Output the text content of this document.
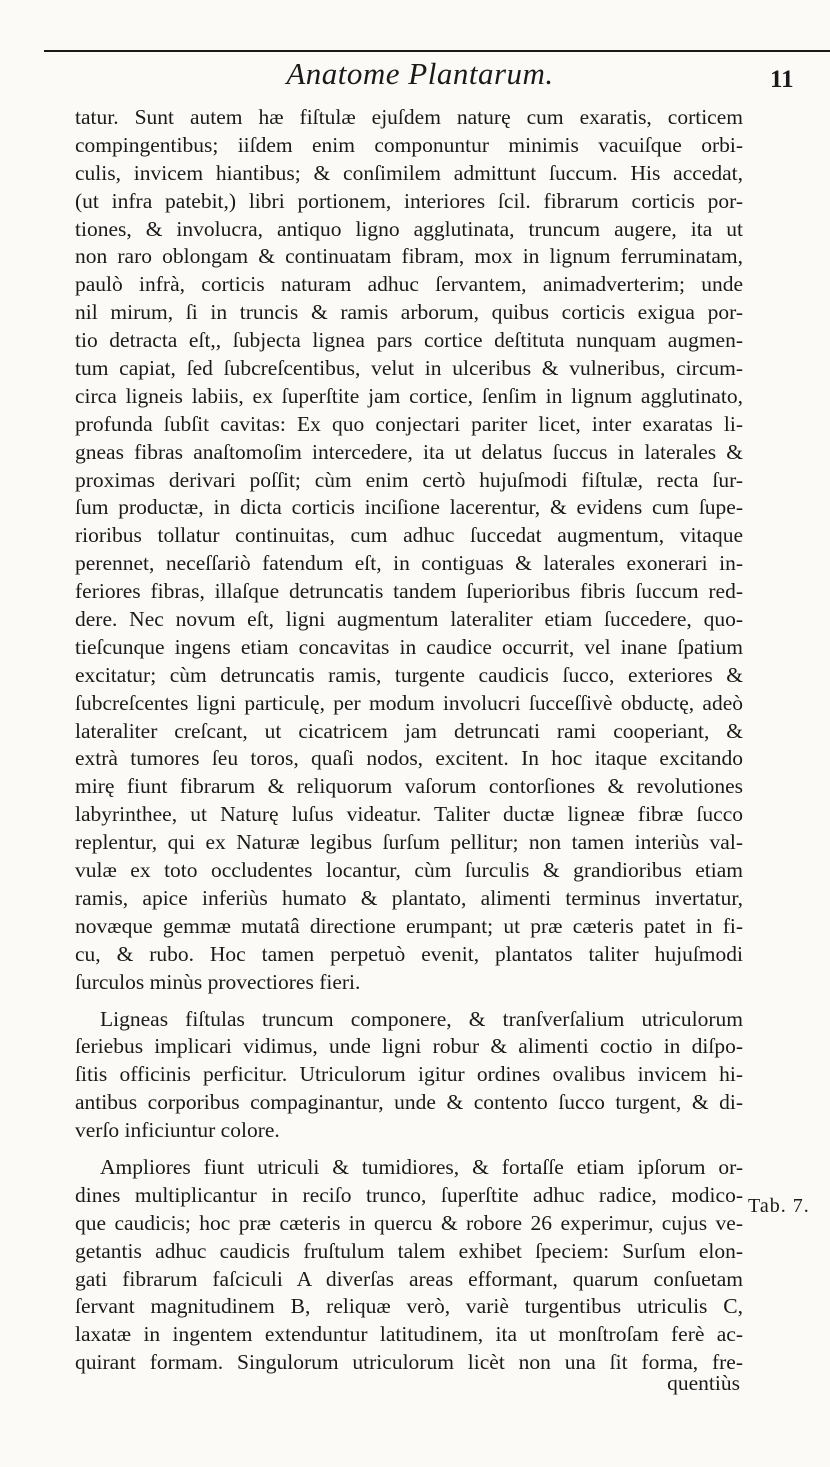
Anatome Plantarum.	11
tatur. Sunt autem hæ fiſtulæ ejuſdem naturę cum exaratis, corticem
compingentibus; iiſdem enim componuntur minimis vacuiſque orbi-
culis, invicem hiantibus; & conſimilem admittunt ſuccum. His accedat,
(ut infra patebit,) libri portionem, interiores ſcil. fibrarum corticis por-
tiones, & involucra, antiquo ligno agglutinata, truncum augere, ita ut
non raro oblongam & continuatam fibram, mox in lignum ferruminatam,
paulò infrà, corticis naturam adhuc ſervantem, animadverterim; unde
nil mirum, ſi in truncis & ramis arborum, quibus corticis exigua por-
tio detracta eſt,, ſubjecta lignea pars cortice deſtituta nunquam augmen-
tum capiat, ſed ſubcreſcentibus, velut in ulceribus & vulneribus, circum-
circa ligneis labiis, ex ſuperſtite jam cortice, ſenſim in lignum agglutinato,
profunda ſubſit cavitas: Ex quo conjectari pariter licet, inter exaratas li-
gneas fibras anaſtomoſim intercedere, ita ut delatus ſuccus in laterales &
proximas derivari poſſit; cùm enim certò hujuſmodi fiſtulæ, recta ſur-
ſum productæ, in dicta corticis inciſione lacerentur, & evidens cum ſupe-
rioribus tollatur continuitas, cum adhuc ſuccedat augmentum, vitaque
perennet, neceſſariò fatendum eſt, in contiguas & laterales exonerari in-
feriores fibras, illaſque detruncatis tandem ſuperioribus fibris ſuccum red-
dere. Nec novum eſt, ligni augmentum lateraliter etiam ſuccedere, quo-
tieſcunque ingens etiam concavitas in caudice occurrit, vel inane ſpatium
excitatur; cùm detruncatis ramis, turgente caudicis ſucco, exteriores &
ſubcreſcentes ligni particulę, per modum involucri ſucceſſivè obductę, adeò
lateraliter creſcant, ut cicatricem jam detruncati rami cooperiant, &
extrà tumores ſeu toros, quaſi nodos, excitent. In hoc itaque excitando
mirę fiunt fibrarum & reliquorum vaſorum contorſiones & revolutiones
labyrinthee, ut Naturę luſus videatur. Taliter ductæ ligneæ fibræ ſucco
replentur, qui ex Naturæ legibus ſurſum pellitur; non tamen interiùs val-
vulæ ex toto occludentes locantur, cùm ſurculis & grandioribus etiam
ramis, apice inferiùs humato & plantato, alimenti terminus invertatur,
novæque gemmæ mutatâ directione erumpant; ut præ cæteris patet in fi-
cu, & rubo. Hoc tamen perpetuò evenit, plantatos taliter hujuſmodi
ſurculos minùs provectiores fieri.
Ligneas fiſtulas truncum componere, & tranſverſalium utriculorum
ſeriebus implicari vidimus, unde ligni robur & alimenti coctio in diſpo-
ſitis officinis perficitur. Utriculorum igitur ordines ovalibus invicem hi-
antibus corporibus compaginantur, unde & contento ſucco turgent, & di-
verſo inficiuntur colore.
Ampliores fiunt utriculi & tumidiores, & fortaſſe etiam ipſorum or-
dines multiplicantur in reciſo trunco, ſuperſtite adhuc radice, modico-
que caudicis; hoc præ cæteris in quercu & robore 26 experimur, cujus ve-
getantis adhuc caudicis fruſtulum talem exhibet ſpeciem: Surſum elon-
gati fibrarum faſciculi A diverſas areas efformant, quarum conſuetam
ſervant magnitudinem B, reliquæ verò, variè turgentibus utriculis C,
laxatæ in ingentem extenduntur latitudinem, ita ut monſtroſam ferè ac-
quirant formam. Singulorum utriculorum licèt non una ſit forma, fre-
Tab. 7.
quentiùs
